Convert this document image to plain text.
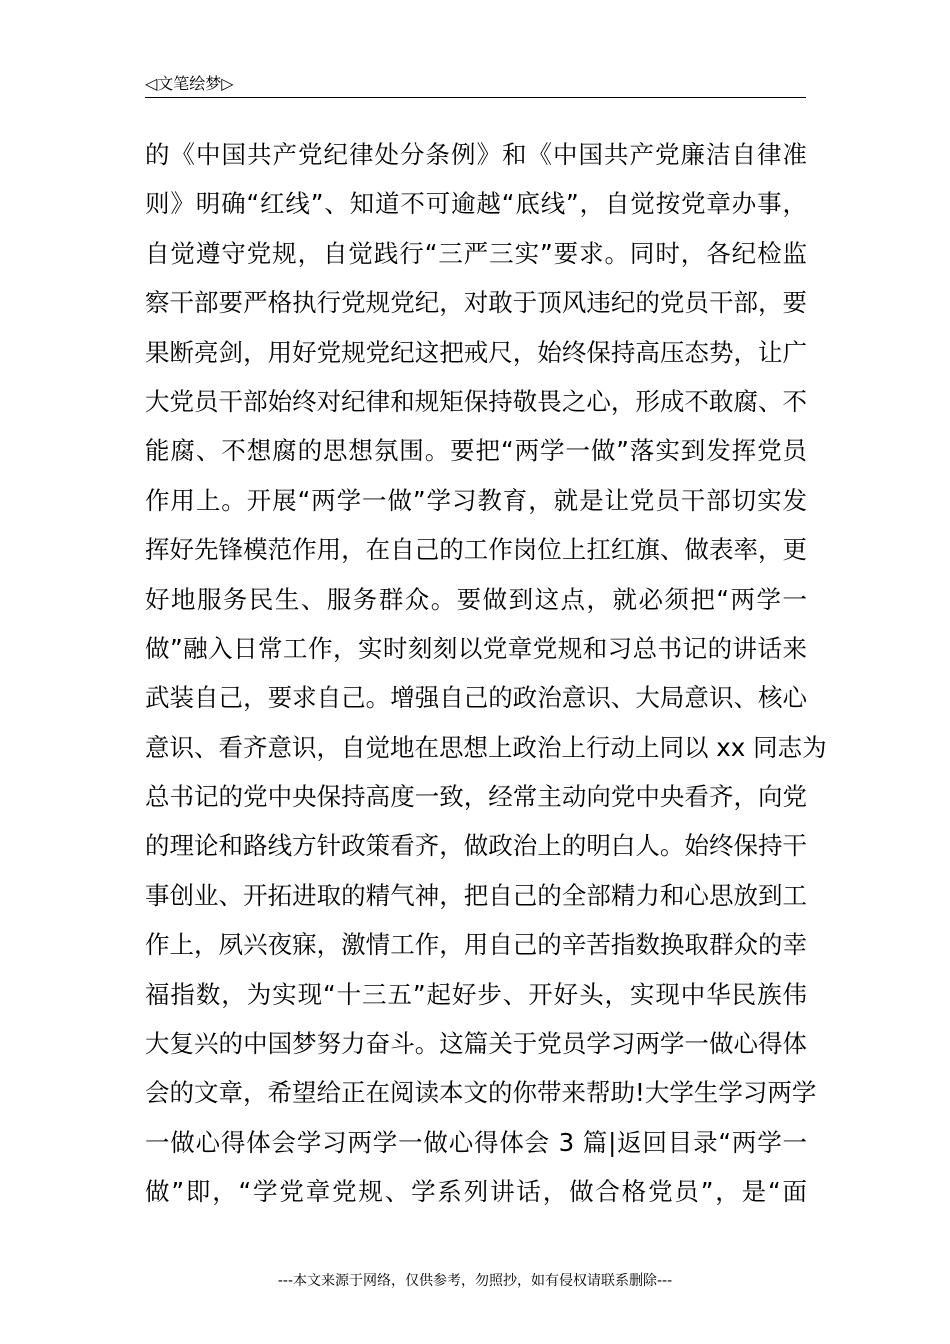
◁文笔绘梦▷
的《中国共产党纪律处分条例》和《中国共产党廉洁自律准
则》明确“红线”、知道不可逾越“底线”，自觉按党章办事，
自觉遵守党规，自觉践行“三严三实”要求。同时，各纪检监
察干部要严格执行党规党纪，对敢于顶风违纪的党员干部，要
果断亮剑，用好党规党纪这把戒尺，始终保持高压态势，让广
大党员干部始终对纪律和规矩保持敬畏之心，形成不敢腐、不
能腐、不想腐的思想氛围。要把“两学一做”落实到发挥党员
作用上。开展“两学一做”学习教育，就是让党员干部切实发
挥好先锋模范作用，在自己的工作岗位上扛红旗、做表率，更
好地服务民生、服务群众。要做到这点，就必须把“两学一
做”融入日常工作，实时刻刻以党章党规和习总书记的讲话来
武装自己，要求自己。增强自己的政治意识、大局意识、核心
意识、看齐意识，自觉地在思想上政治上行动上同以 xx 同志为
总书记的党中央保持高度一致，经常主动向党中央看齐，向党
的理论和路线方针政策看齐，做政治上的明白人。始终保持干
事创业、开拓进取的精气神，把自己的全部精力和心思放到工
作上，夙兴夜寐，激情工作，用自己的辛苦指数换取群众的幸
福指数，为实现“十三五”起好步、开好头，实现中华民族伟
大复兴的中国梦努力奋斗。这篇关于党员学习两学一做心得体
会的文章，希望给正在阅读本文的你带来帮助!大学生学习两学
一做心得体会学习两学一做心得体会 3 篇|返回目录“两学一
做”即，“学党章党规、学系列讲话，做合格党员”，是“面
---本文来源于网络，仅供参考，勿照抄，如有侵权请联系删除---
